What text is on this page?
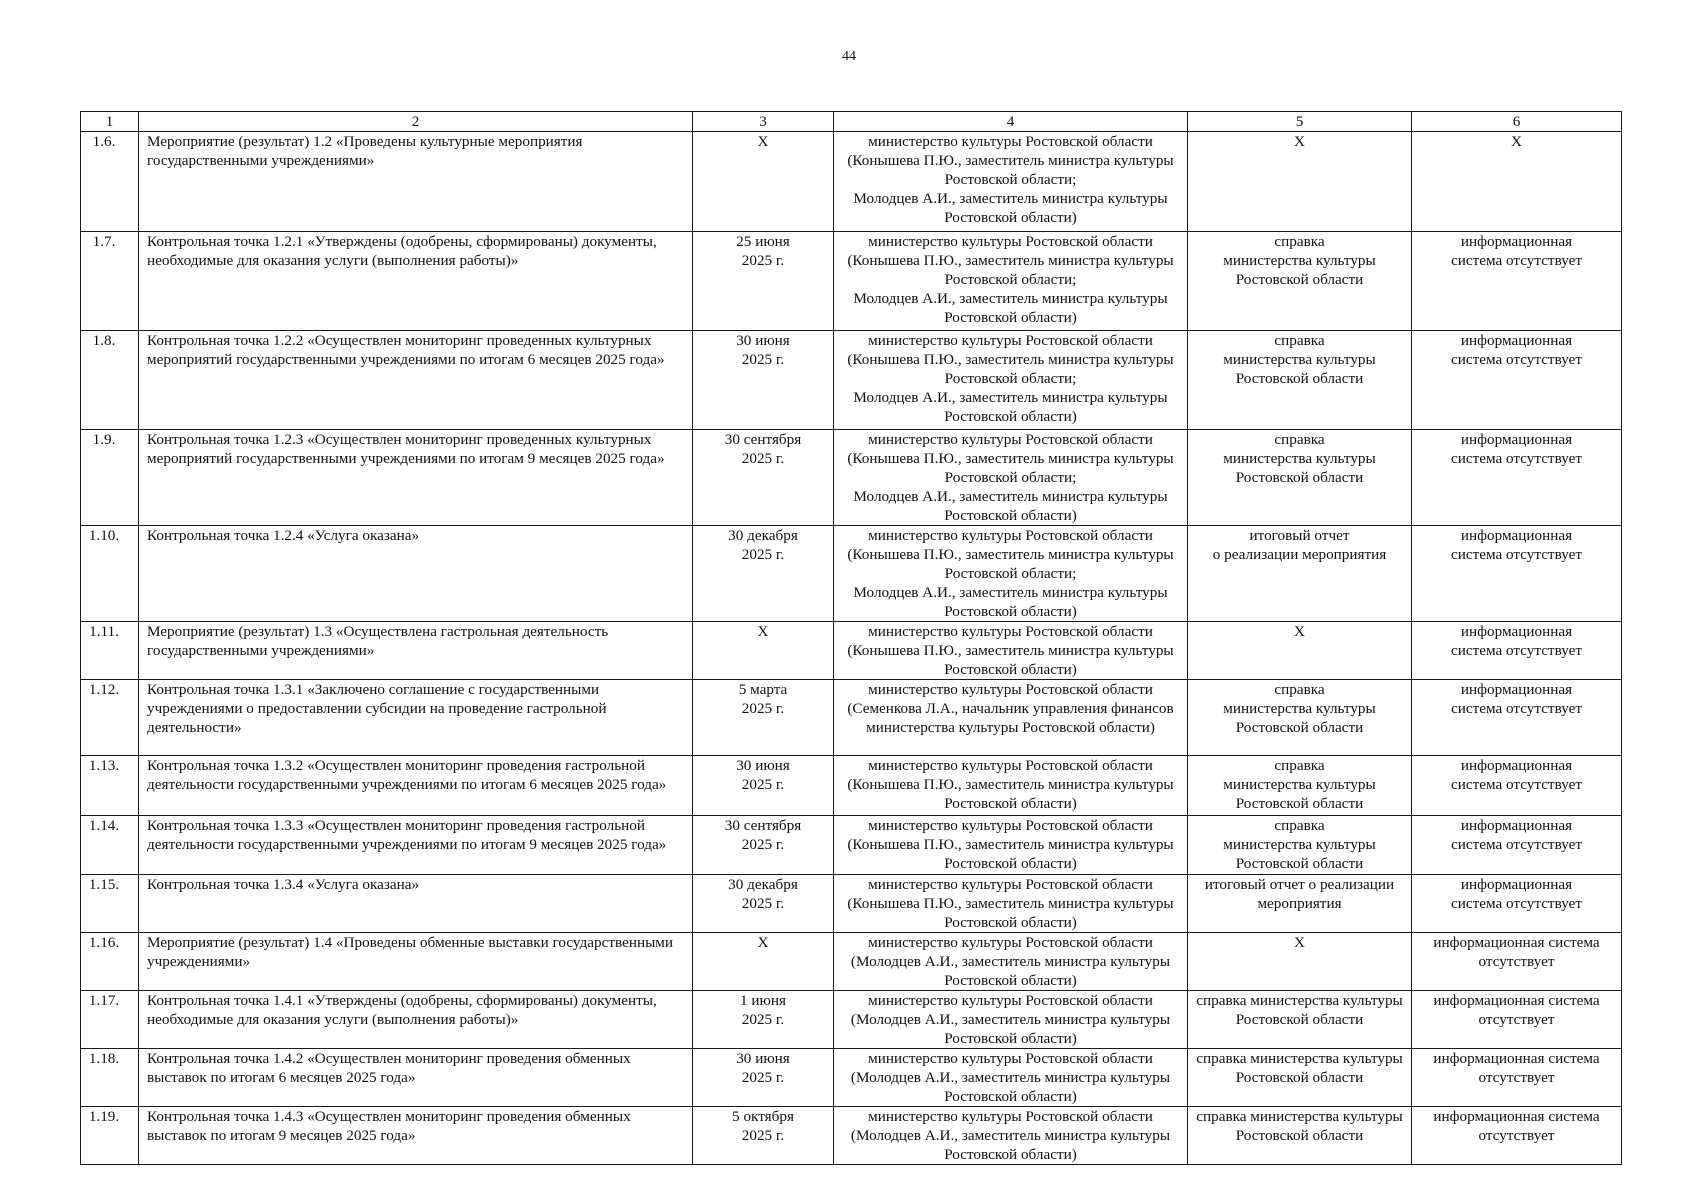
44
1	2	3	4	5	6
1.6.	Мероприятие (результат) 1.2 «Проведены культурные мероприятия государственными учреждениями»	X	министерство культуры Ростовской области
(Конышева П.Ю., заместитель министра культуры Ростовской области;
Молодцев А.И., заместитель министра культуры Ростовской области)	X	X
1.7.	Контрольная точка 1.2.1 «Утверждены (одобрены, сформированы) документы, необходимые для оказания услуги (выполнения работы)»	25 июня
2025 г.	министерство культуры Ростовской области
(Конышева П.Ю., заместитель министра культуры Ростовской области;
Молодцев А.И., заместитель министра культуры Ростовской области)	справка
министерства культуры Ростовской области	информационная
система отсутствует
1.8.	Контрольная точка 1.2.2 «Осуществлен мониторинг проведенных культурных мероприятий государственными учреждениями по итогам 6 месяцев 2025 года»	30 июня
2025 г.	министерство культуры Ростовской области
(Конышева П.Ю., заместитель министра культуры Ростовской области;
Молодцев А.И., заместитель министра культуры Ростовской области)	справка
министерства культуры Ростовской области	информационная
система отсутствует
1.9.	Контрольная точка 1.2.3 «Осуществлен мониторинг проведенных культурных мероприятий государственными учреждениями по итогам 9 месяцев 2025 года»	30 сентября
2025 г.	министерство культуры Ростовской области
(Конышева П.Ю., заместитель министра культуры Ростовской области;
Молодцев А.И., заместитель министра культуры Ростовской области)	справка
министерства культуры Ростовской области	информационная
система отсутствует
1.10.	Контрольная точка 1.2.4 «Услуга оказана»	30 декабря
2025 г.	министерство культуры Ростовской области
(Конышева П.Ю., заместитель министра культуры Ростовской области;
Молодцев А.И., заместитель министра культуры Ростовской области)	итоговый отчет
о реализации мероприятия	информационная
система отсутствует
1.11.	Мероприятие (результат) 1.3 «Осуществлена гастрольная деятельность государственными учреждениями»	X	министерство культуры Ростовской области
(Конышева П.Ю., заместитель министра культуры Ростовской области)	X	информационная
система отсутствует
1.12.	Контрольная точка 1.3.1 «Заключено соглашение с государственными учреждениями о предоставлении субсидии на проведение гастрольной деятельности»	5 марта
2025 г.	министерство культуры Ростовской области
(Семенкова Л.А., начальник управления финансов министерства культуры Ростовской области)	справка
министерства культуры Ростовской области	информационная
система отсутствует
1.13.	Контрольная точка 1.3.2 «Осуществлен мониторинг проведения гастрольной деятельности государственными учреждениями по итогам 6 месяцев 2025 года»	30 июня
2025 г.	министерство культуры Ростовской области
(Конышева П.Ю., заместитель министра культуры Ростовской области)	справка
министерства культуры Ростовской области	информационная
система отсутствует
1.14.	Контрольная точка 1.3.3 «Осуществлен мониторинг проведения гастрольной деятельности государственными учреждениями по итогам 9 месяцев 2025 года»	30 сентября
2025 г.	министерство культуры Ростовской области
(Конышева П.Ю., заместитель министра культуры Ростовской области)	справка
министерства культуры Ростовской области	информационная
система отсутствует
1.15.	Контрольная точка 1.3.4 «Услуга оказана»	30 декабря
2025 г.	министерство культуры Ростовской области
(Конышева П.Ю., заместитель министра культуры Ростовской области)	итоговый отчет о реализации мероприятия	информационная
система отсутствует
1.16.	Мероприятие (результат) 1.4 «Проведены обменные выставки государственными учреждениями»	X	министерство культуры Ростовской области
(Молодцев А.И., заместитель министра культуры Ростовской области)	X	информационная система отсутствует
1.17.	Контрольная точка 1.4.1 «Утверждены (одобрены, сформированы) документы, необходимые для оказания услуги (выполнения работы)»	1 июня
2025 г.	министерство культуры Ростовской области
(Молодцев А.И., заместитель министра культуры Ростовской области)	справка министерства культуры Ростовской области	информационная система отсутствует
1.18.	Контрольная точка 1.4.2 «Осуществлен мониторинг проведения обменных выставок по итогам 6 месяцев 2025 года»	30 июня
2025 г.	министерство культуры Ростовской области
(Молодцев А.И., заместитель министра культуры Ростовской области)	справка министерства культуры Ростовской области	информационная система отсутствует
1.19.	Контрольная точка 1.4.3 «Осуществлен мониторинг проведения обменных выставок по итогам 9 месяцев 2025 года»	5 октября
2025 г.	министерство культуры Ростовской области
(Молодцев А.И., заместитель министра культуры Ростовской области)	справка министерства культуры Ростовской области	информационная система отсутствует
